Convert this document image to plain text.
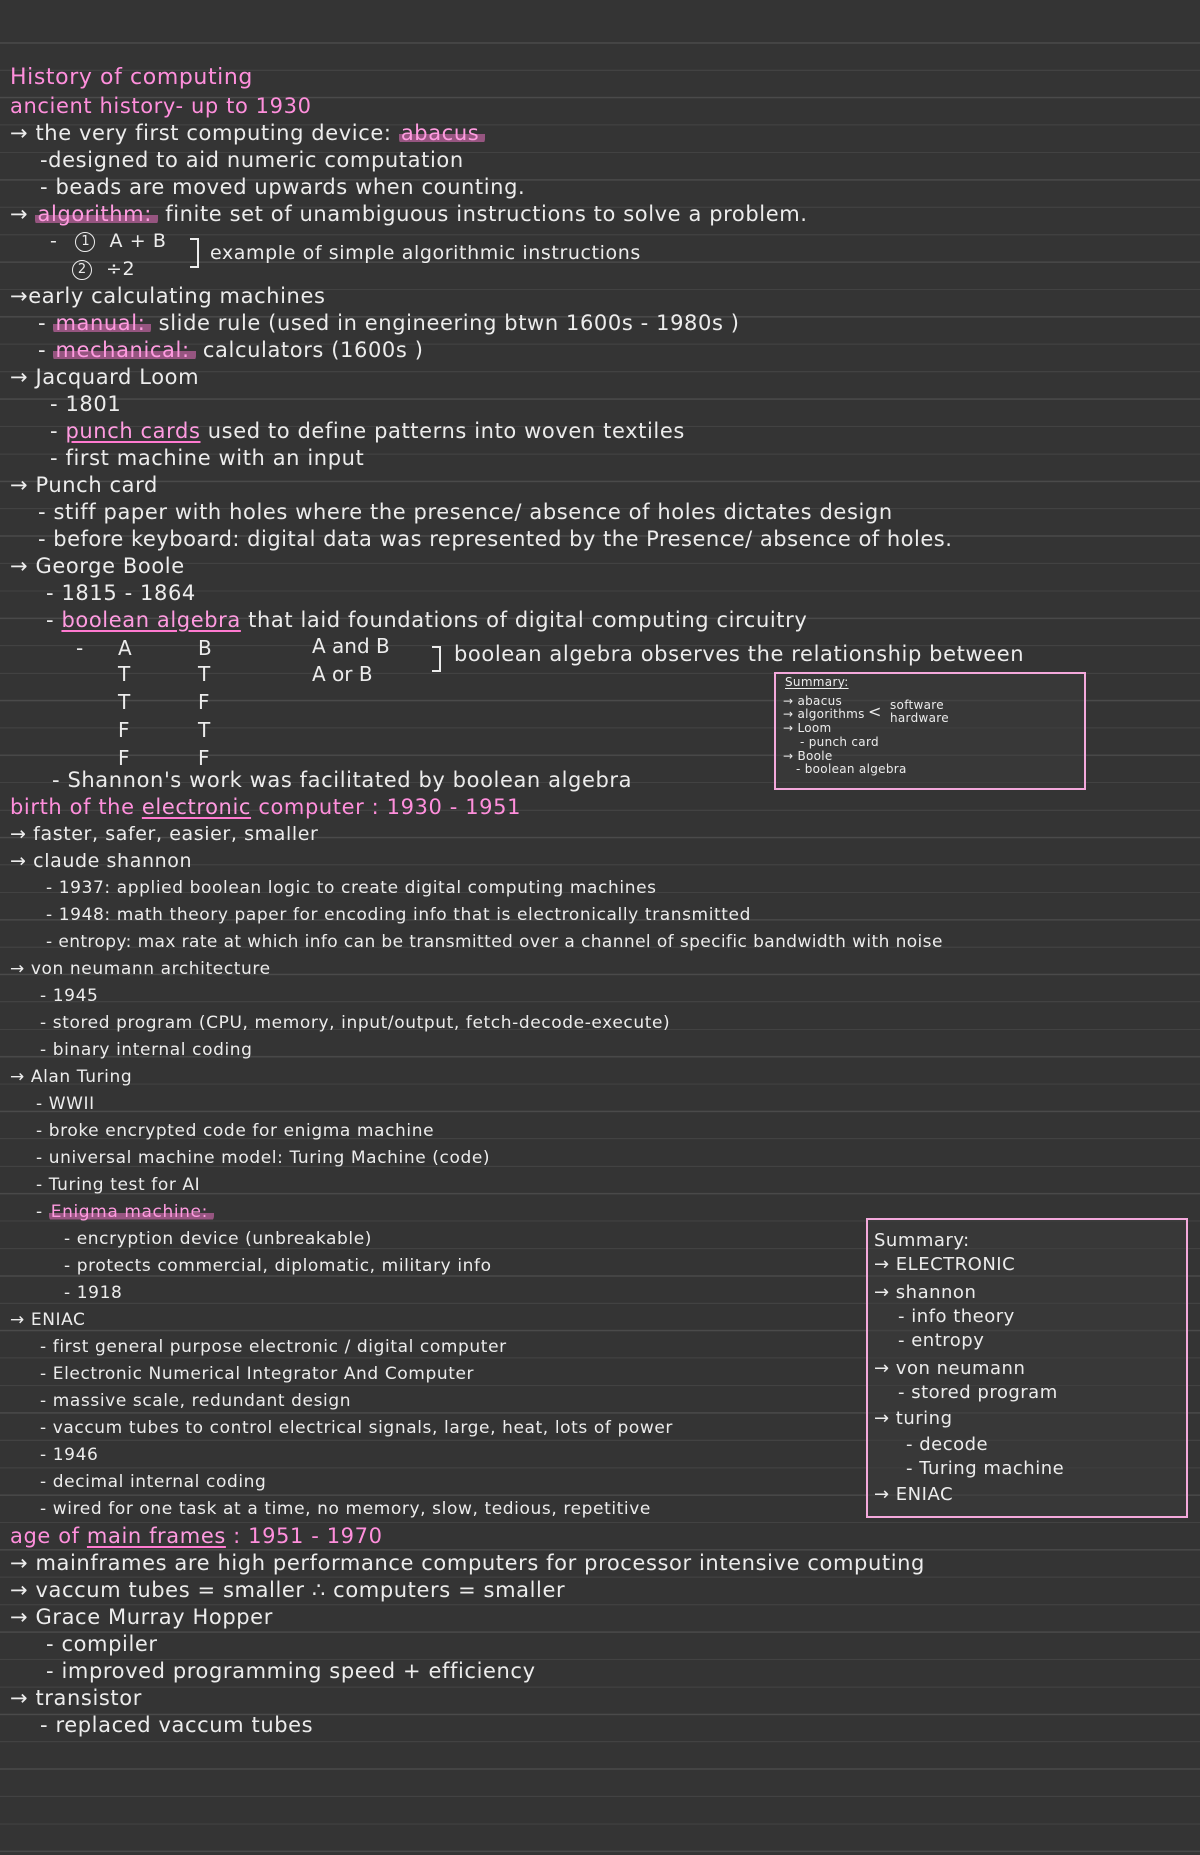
History of computing
ancient history- up to 1930
→ the very first computing device: abacus
-designed to aid numeric computation
- beads are moved upwards when counting.
→ algorithm: finite set of unambiguous instructions to solve a problem.
- 1 A + B
2 ÷2
example of simple algorithmic instructions
→early calculating machines
- manual: slide rule (used in engineering btwn 1600s - 1980s )
- mechanical: calculators (1600s )
→ Jacquard Loom
- 1801
- punch cards used to define patterns into woven textiles
- first machine with an input
→ Punch card
- stiff paper with holes where the presence/ absence of holes dictates design
- before keyboard: digital data was represented by the Presence/ absence of holes.
→ George Boole
- 1815 - 1864
- boolean algebra that laid foundations of digital computing circuitry
- A	B
T	T
T	F
F	T
F	F
A and B
A or B
boolean algebra observes the relationship between
- Shannon's work was facilitated by boolean algebra
Summary:
→ abacus
→ algorithms
→ Loom
- punch card
→ Boole
- boolean algebra
< software
hardware
birth of the electronic computer : 1930 - 1951
→ faster, safer, easier, smaller
→ claude shannon
- 1937: applied boolean logic to create digital computing machines
- 1948: math theory paper for encoding info that is electronically transmitted
- entropy: max rate at which info can be transmitted over a channel of specific bandwidth with noise
→ von neumann architecture
- 1945
- stored program (CPU, memory, input/output, fetch-decode-execute)
- binary internal coding
→ Alan Turing
- WWII
- broke encrypted code for enigma machine
- universal machine model: Turing Machine (code)
- Turing test for AI
- Enigma machine:
- encryption device (unbreakable)
- protects commercial, diplomatic, military info
- 1918
→ ENIAC
- first general purpose electronic / digital computer
- Electronic Numerical Integrator And Computer
- massive scale, redundant design
- vaccum tubes to control electrical signals, large, heat, lots of power
- 1946
- decimal internal coding
- wired for one task at a time, no memory, slow, tedious, repetitive
Summary:
→ ELECTRONIC
→ shannon
- info theory
- entropy
→ von neumann
- stored program
→ turing
- decode
- Turing machine
→ ENIAC
age of main frames : 1951 - 1970
→ mainframes are high performance computers for processor intensive computing
→ vaccum tubes = smaller ∴ computers = smaller
→ Grace Murray Hopper
- compiler
- improved programming speed + efficiency
→ transistor
- replaced vaccum tubes
